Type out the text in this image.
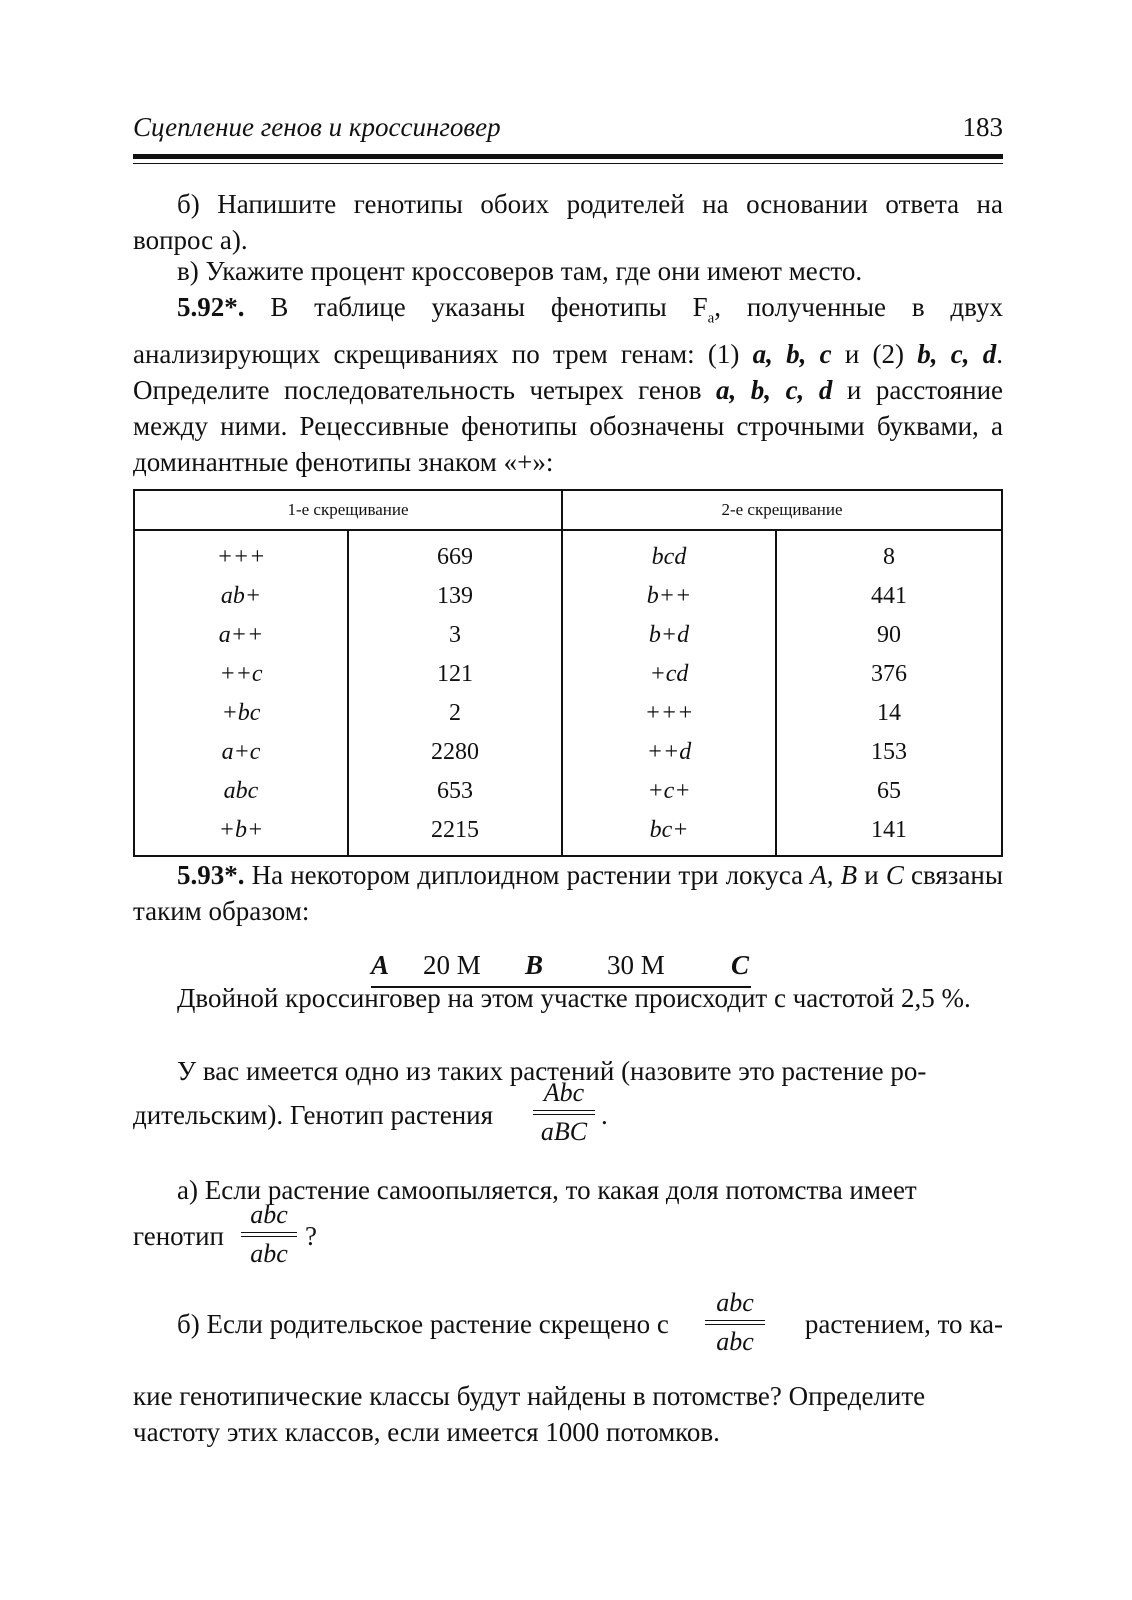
Сцепление генов и кроссинговер	183
б) Напишите генотипы обоих родителей на основании ответа на вопрос а).
в) Укажите процент кроссоверов там, где они имеют место.
5.92*. В таблице указаны фенотипы $F_а$, полученные в двух анализирующих скрещиваниях по трем генам: (1) a, b, c и (2) b, c, d. Определите последовательность четырех генов a, b, c, d и расстояние между ними. Рецессивные фенотипы обозначены строчными буквами, а доминантные фенотипы знаком «+»:
1-е скрещивание		2-е скрещивание	
+++	669	bcd	8
ab+	139	b++	441
a++	3	b+d	90
++c	121	+cd	376
+bc	2	+++	14
a+c	2280	++d	153
abc	653	+c+	65
+b+	2215	bc+	141
5.93*. На некотором диплоидном растении три локуса A, B и C связаны таким образом:
A 20 M B 30 M C
Двойной кроссинговер на этом участке происходит с частотой 2,5 %.
У вас имеется одно из таких растений (назовите это растение ро-
дительским). Генотип растения
Abc
aBC
.
а) Если растение самоопыляется, то какая доля потомства имеет
генотип
abc
abc
?
б) Если родительское растение скрещено с
abc
abc
растением, то ка-
кие генотипические классы будут найдены в потомстве? Определите
частоту этих классов, если имеется 1000 потомков.
